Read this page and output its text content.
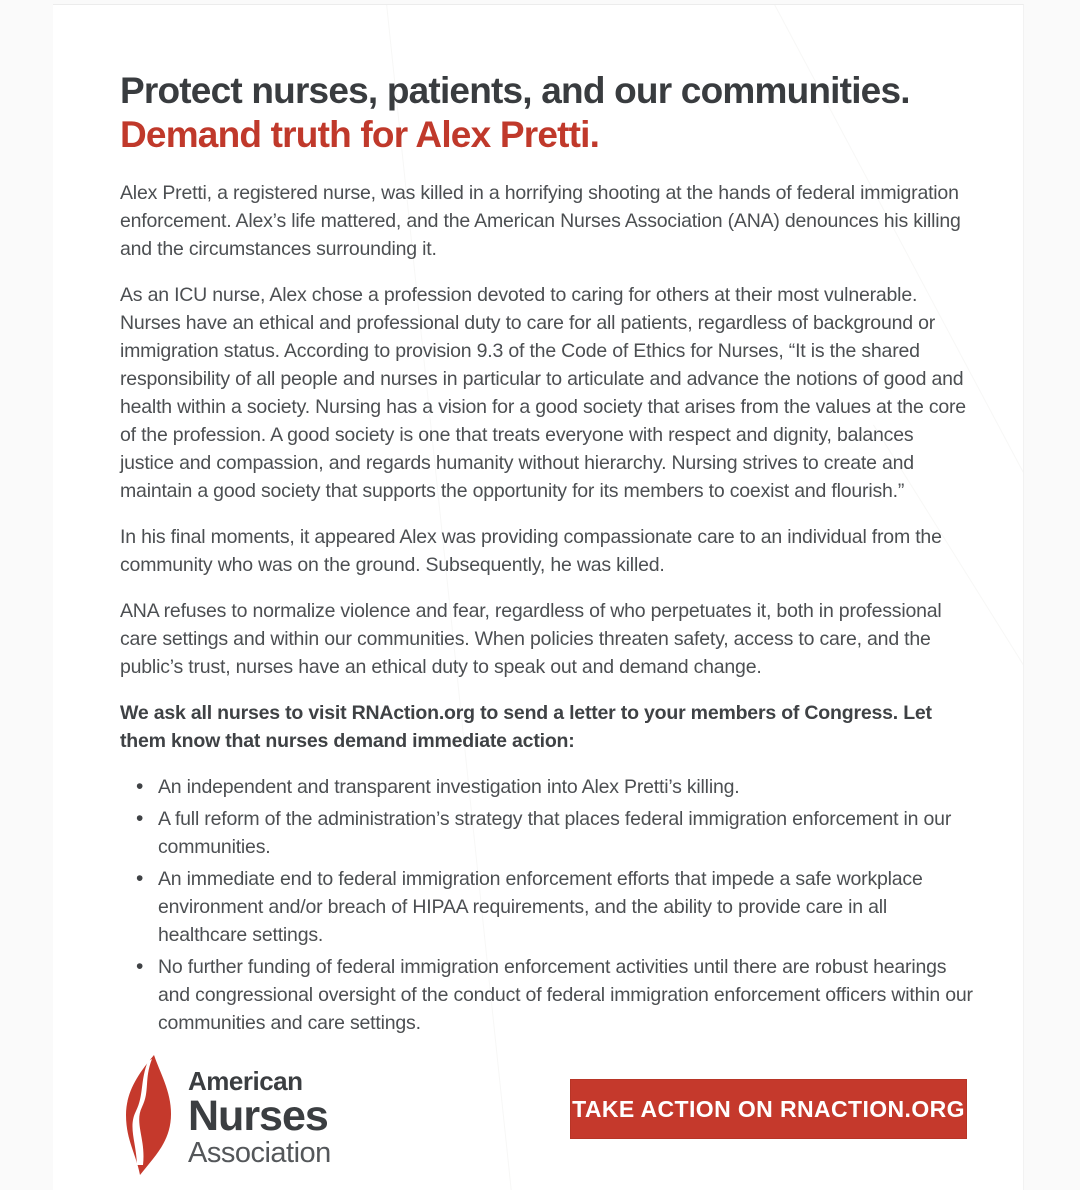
Protect nurses, patients, and our communities.
Demand truth for Alex Pretti.

Alex Pretti, a registered nurse, was killed in a horrifying shooting at the hands of federal immigration enforcement. Alex’s life mattered, and the American Nurses Association (ANA) denounces his killing and the circumstances surrounding it.

As an ICU nurse, Alex chose a profession devoted to caring for others at their most vulnerable. Nurses have an ethical and professional duty to care for all patients, regardless of background or immigration status. According to provision 9.3 of the Code of Ethics for Nurses, “It is the shared responsibility of all people and nurses in particular to articulate and advance the notions of good and health within a society. Nursing has a vision for a good society that arises from the values at the core of the profession. A good society is one that treats everyone with respect and dignity, balances justice and compassion, and regards humanity without hierarchy. Nursing strives to create and maintain a good society that supports the opportunity for its members to coexist and flourish.”

In his final moments, it appeared Alex was providing compassionate care to an individual from the community who was on the ground. Subsequently, he was killed.

ANA refuses to normalize violence and fear, regardless of who perpetuates it, both in professional care settings and within our communities. When policies threaten safety, access to care, and the public’s trust, nurses have an ethical duty to speak out and demand change.

We ask all nurses to visit RNAction.org to send a letter to your members of Congress. Let them know that nurses demand immediate action:

• An independent and transparent investigation into Alex Pretti’s killing.
• A full reform of the administration’s strategy that places federal immigration enforcement in our communities.
• An immediate end to federal immigration enforcement efforts that impede a safe workplace environment and/or breach of HIPAA requirements, and the ability to provide care in all healthcare settings.
• No further funding of federal immigration enforcement activities until there are robust hearings and congressional oversight of the conduct of federal immigration enforcement officers within our communities and care settings.
American
Nurses
Association
TAKE ACTION ON RNACTION.ORG
